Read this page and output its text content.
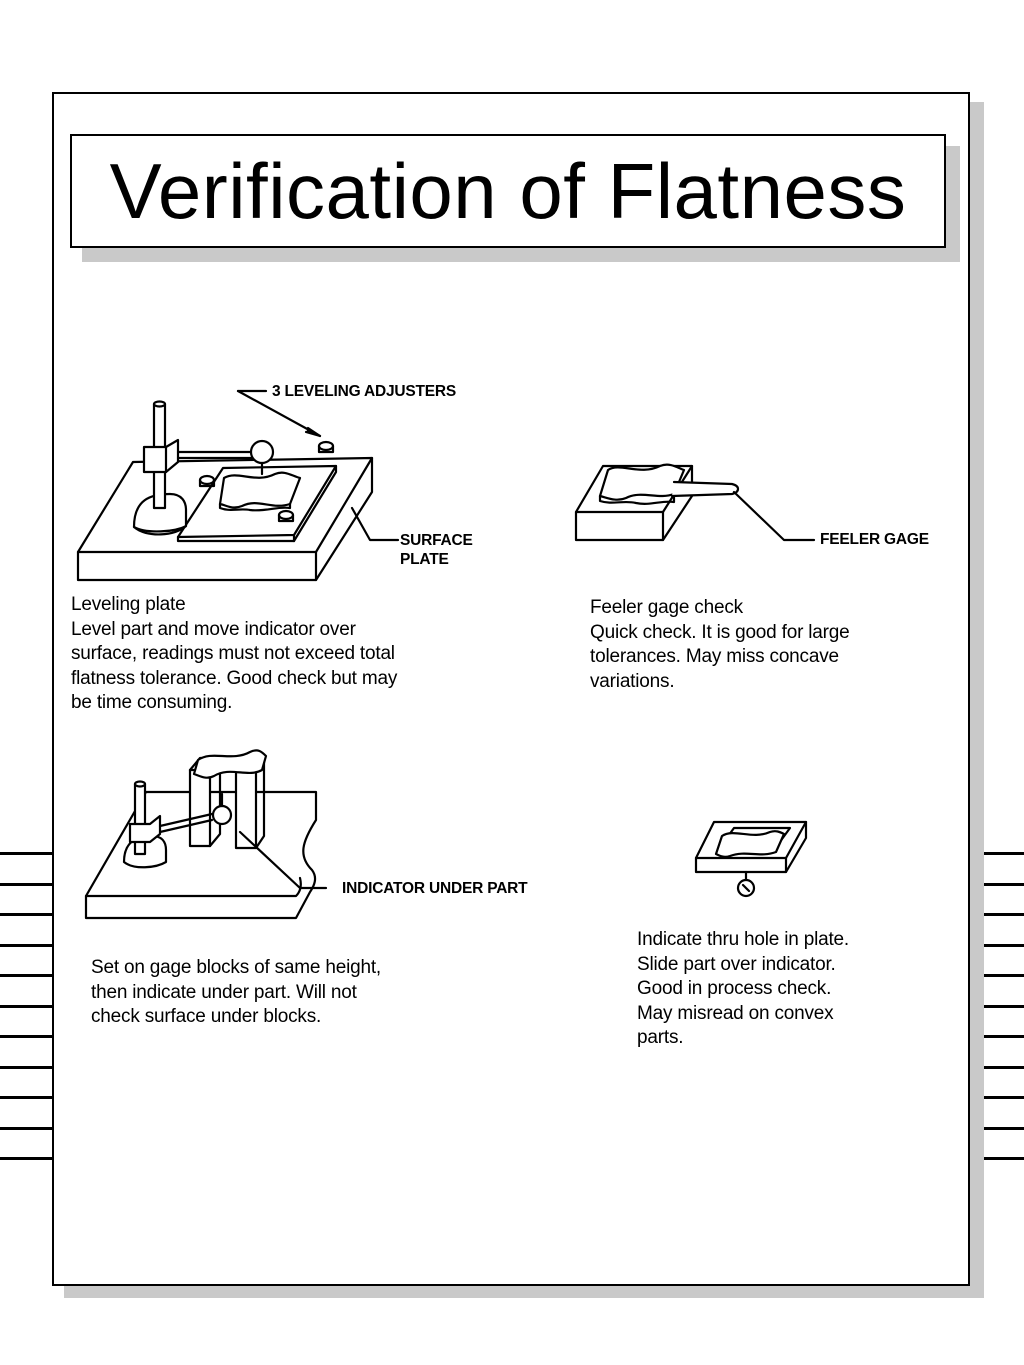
Verification of Flatness
3 LEVELING ADJUSTERS
SURFACE
PLATE
FEELER GAGE
INDICATOR UNDER PART
Leveling plate
Level part and move indicator over
surface, readings must not exceed total
flatness tolerance. Good check but may
be time consuming.
Feeler gage check
Quick check. It is good for large
tolerances. May miss concave
variations.
Set on gage blocks of same height,
then indicate under part. Will not
check surface under blocks.
Indicate thru hole in plate.
Slide part over indicator.
Good in process check.
May misread on convex
parts.
